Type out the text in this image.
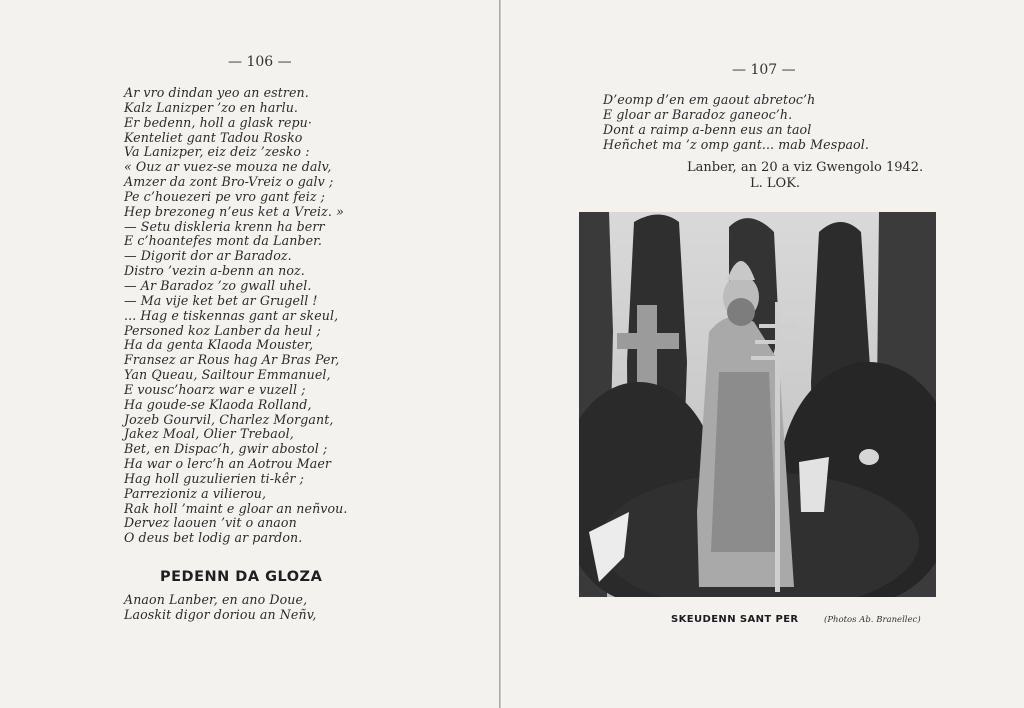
— 106 —
Ar vro dindan yeo an estren.
Kalz Lanizper ’zo en harlu.
Er bedenn, holl a glask repu·
Kenteliet gant Tadou Rosko
Va Lanizper, eiz deiz ’zesko :
« Ouz ar vuez-se mouza ne dalv,
Amzer da zont Bro-Vreiz o galv ;
Pe c’houezeri pe vro gant feiz ;
Hep brezoneg n’eus ket a Vreiz. »
— Setu diskleria krenn ha berr
E c’hoantefes mont da Lanber.
— Digorit dor ar Baradoz.
Distro ’vezin a-benn an noz.
— Ar Baradoz ’zo gwall uhel.
— Ma vije ket bet ar Grugell !
... Hag e tiskennas gant ar skeul,
Personed koz Lanber da heul ;
Ha da genta Klaoda Mouster,
Fransez ar Rous hag Ar Bras Per,
Yan Queau, Sailtour Emmanuel,
E vousc’hoarz war e vuzell ;
Ha goude-se Klaoda Rolland,
Jozeb Gourvil, Charlez Morgant,
Jakez Moal, Olier Trebaol,
Bet, en Dispac’h, gwir abostol ;
Ha war o lerc’h an Aotrou Maer
Hag holl guzulierien ti-kêr ;
Parrezioniz a vilierou,
Rak holl ’maint e gloar an neñvou.
Dervez laouen ’vit o anaon
O deus bet lodig ar pardon.
PEDENN DA GLOZA
Anaon Lanber, en ano Doue,
Laoskit digor doriou an Neñv,
— 107 —
D’eomp d’en em gaout abretoc’h
E gloar ar Baradoz ganeoc’h.
Dont a raimp a-benn eus an taol
Heñchet ma ’z omp gant... mab Mespaol.
Lanber, an 20 a viz Gwengolo 1942.
L. LOK.
SKEUDENN SANT PER	(Photos Ab. Branellec)
